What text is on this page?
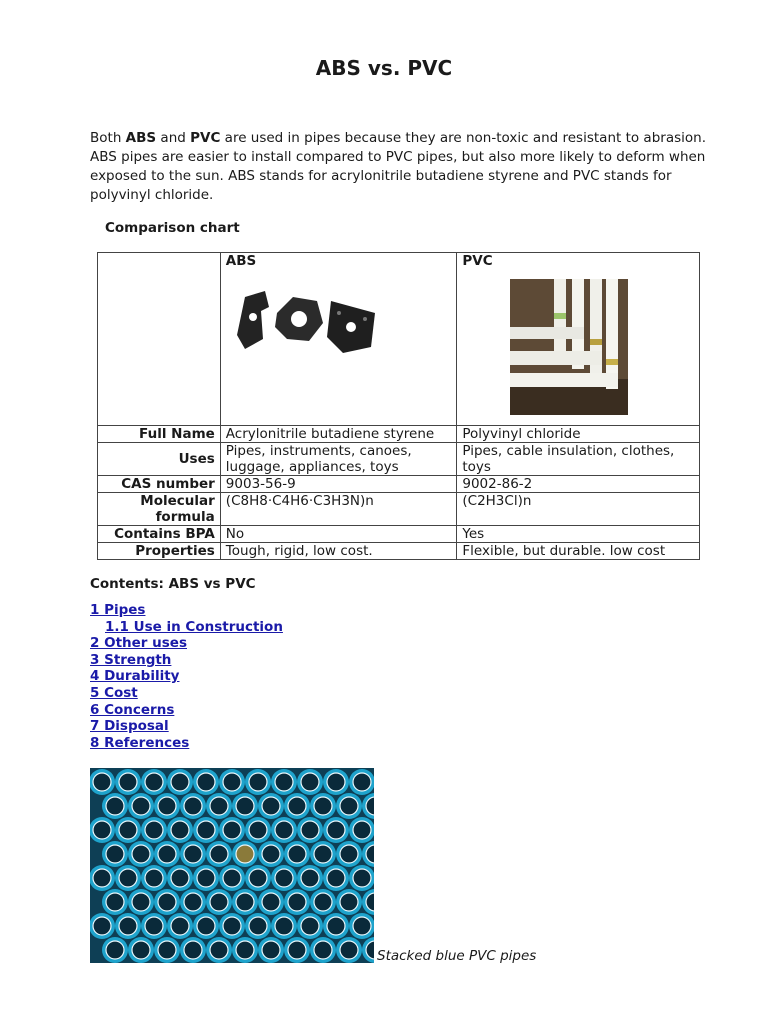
ABS vs. PVC

Both ABS and PVC are used in pipes because they are non-toxic and resistant to abrasion. ABS pipes are easier to install compared to PVC pipes, but also more likely to deform when exposed to the sun. ABS stands for acrylonitrile butadiene styrene and PVC stands for polyvinyl chloride.

Comparison chart

	ABS	PVC

Full Name	Acrylonitrile butadiene styrene	Polyvinyl chloride
Uses	Pipes, instruments, canoes, luggage, appliances, toys	Pipes, cable insulation, clothes, toys
CAS number	9003-56-9	9002-86-2
Molecular formula	(C8H8·C4H6·C3H3N)n	(C2H3Cl)n
Contains BPA	No	Yes
Properties	Tough, rigid, low cost.	Flexible, but durable. low cost

Contents: ABS vs PVC

1 Pipes
1.1 Use in Construction
2 Other uses
3 Strength
4 Durability
5 Cost
6 Concerns
7 Disposal
8 References

Stacked blue PVC pipes
